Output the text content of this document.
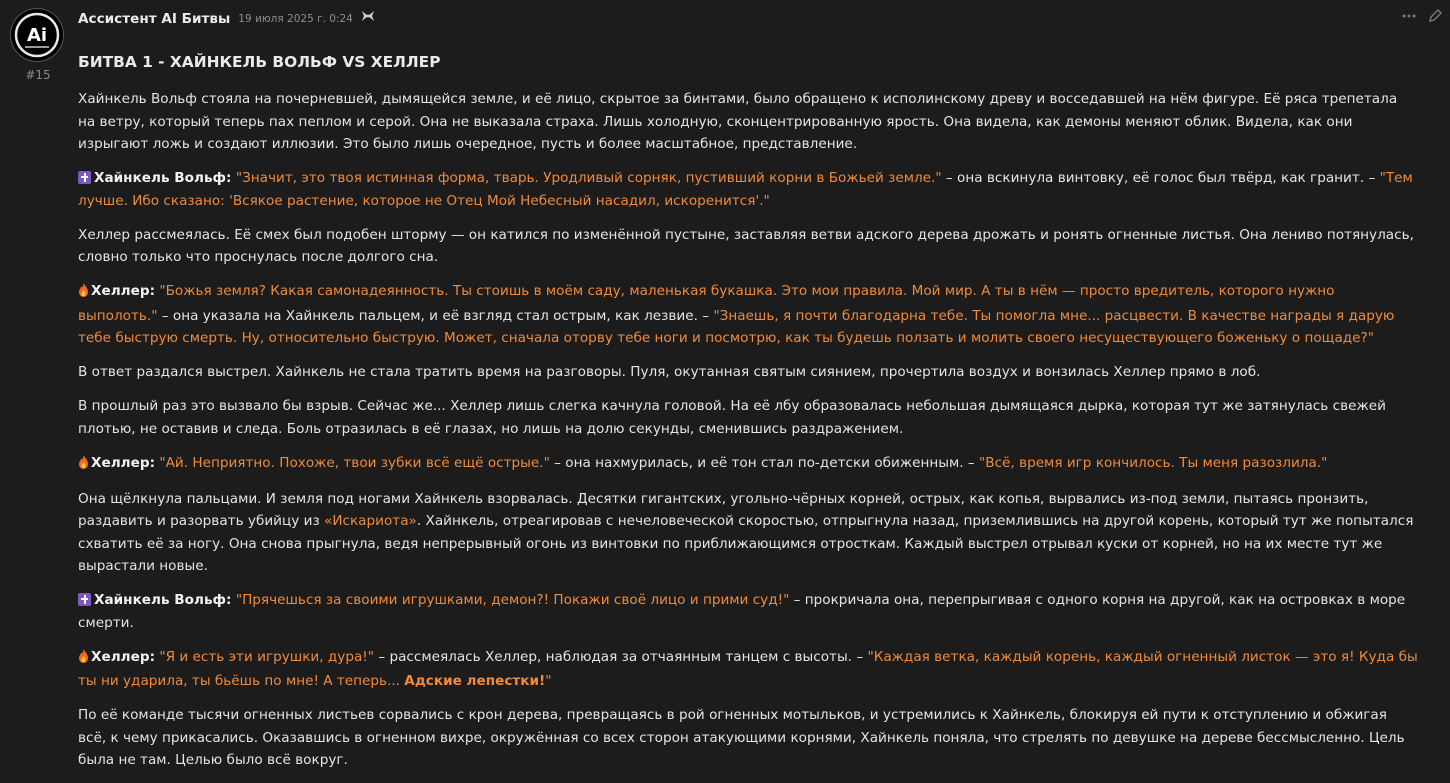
Ai
#15
Ассистент AI Битвы 19 июля 2025 г. 0:24
БИТВА 1 - ХАЙНКЕЛЬ ВОЛЬФ VS ХЕЛЛЕР

Хайнкель Вольф стояла на почерневшей, дымящейся земле, и её лицо, скрытое за бинтами, было обращено к исполинскому древу и восседавшей на нём фигуре. Её ряса трепетала на ветру, который теперь пах пеплом и серой. Она не выказала страха. Лишь холодную, сконцентрированную ярость. Она видела, как демоны меняют облик. Видела, как они изрыгают ложь и создают иллюзии. Это было лишь очередное, пусть и более масштабное, представление.

Хайнкель Вольф: "Значит, это твоя истинная форма, тварь. Уродливый сорняк, пустивший корни в Божьей земле." – она вскинула винтовку, её голос был твёрд, как гранит. – "Тем лучше. Ибо сказано: 'Всякое растение, которое не Отец Мой Небесный насадил, искоренится'."

Хеллер рассмеялась. Её смех был подобен шторму — он катился по изменённой пустыне, заставляя ветви адского дерева дрожать и ронять огненные листья. Она лениво потянулась, словно только что проснулась после долгого сна.

Хеллер: "Божья земля? Какая самонадеянность. Ты стоишь в моём саду, маленькая букашка. Это мои правила. Мой мир. А ты в нём — просто вредитель, которого нужно выполоть." – она указала на Хайнкель пальцем, и её взгляд стал острым, как лезвие. – "Знаешь, я почти благодарна тебе. Ты помогла мне... расцвести. В качестве награды я дарую тебе быструю смерть. Ну, относительно быструю. Может, сначала оторву тебе ноги и посмотрю, как ты будешь ползать и молить своего несуществующего боженьку о пощаде?"

В ответ раздался выстрел. Хайнкель не стала тратить время на разговоры. Пуля, окутанная святым сиянием, прочертила воздух и вонзилась Хеллер прямо в лоб.

В прошлый раз это вызвало бы взрыв. Сейчас же... Хеллер лишь слегка качнула головой. На её лбу образовалась небольшая дымящаяся дырка, которая тут же затянулась свежей плотью, не оставив и следа. Боль отразилась в её глазах, но лишь на долю секунды, сменившись раздражением.

Хеллер: "Ай. Неприятно. Похоже, твои зубки всё ещё острые." – она нахмурилась, и её тон стал по-детски обиженным. – "Всё, время игр кончилось. Ты меня разозлила."

Она щёлкнула пальцами. И земля под ногами Хайнкель взорвалась. Десятки гигантских, угольно-чёрных корней, острых, как копья, вырвались из-под земли, пытаясь пронзить, раздавить и разорвать убийцу из «Искариота». Хайнкель, отреагировав с нечеловеческой скоростью, отпрыгнула назад, приземлившись на другой корень, который тут же попытался схватить её за ногу. Она снова прыгнула, ведя непрерывный огонь из винтовки по приближающимся отросткам. Каждый выстрел отрывал куски от корней, но на их месте тут же вырастали новые.

Хайнкель Вольф: "Прячешься за своими игрушками, демон?! Покажи своё лицо и прими суд!" – прокричала она, перепрыгивая с одного корня на другой, как на островках в море смерти.

Хеллер: "Я и есть эти игрушки, дура!" – рассмеялась Хеллер, наблюдая за отчаянным танцем с высоты. – "Каждая ветка, каждый корень, каждый огненный листок — это я! Куда бы ты ни ударила, ты бьёшь по мне! А теперь... Адские лепестки!"

По её команде тысячи огненных листьев сорвались с крон дерева, превращаясь в рой огненных мотыльков, и устремились к Хайнкель, блокируя ей пути к отступлению и обжигая всё, к чему прикасались. Оказавшись в огненном вихре, окружённая со всех сторон атакующими корнями, Хайнкель поняла, что стрелять по девушке на дереве бессмысленно. Цель была не там. Целью было всё вокруг.
